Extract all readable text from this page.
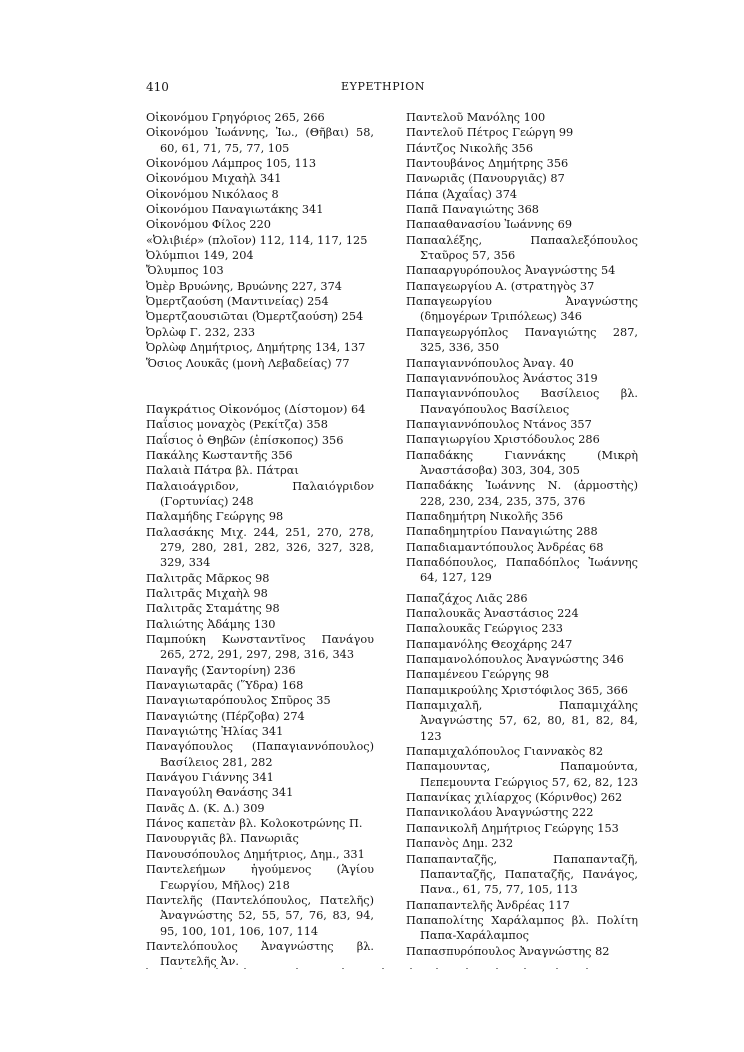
410	ΕΥΡΕΤΗΡΙΟΝ
Οἰκονόμου Γρηγόριος 265, 266
Οἰκονόμου Ἰωάννης, Ἰω., (Θῆβαι) 58, 60, 61, 71, 75, 77, 105
Οἰκονόμου Λάμπρος 105, 113
Οἰκονόμου Μιχαὴλ 341
Οἰκονόμου Νικόλαος 8
Οἰκονόμου Παναγιωτάκης 341
Οἰκονόμου Φίλος 220
«Ὀλιβιέρ» (πλοῖον) 112, 114, 117, 125
Ὀλύμπιοι 149, 204
Ὄλυμπος 103
Ὀμὲρ Βρυώνης, Βρυώνης 227, 374
Ὀμερτζαούση (Μαντινείας) 254
Ὀμερτζαουσιῶται (Ὀμερτζαούση) 254
Ὀρλὼφ Γ. 232, 233
Ὀρλὼφ Δημήτριος, Δημήτρης 134, 137
Ὅσιος Λουκᾶς (μονὴ Λεβαδείας) 77
Παγκράτιος Οἰκονόμος (Δίστομον) 64
Παΐσιος μοναχὸς (Ρεκίτζα) 358
Παΐσιος ὁ Θηβῶν (ἐπίσκοπος) 356
Πακάλης Κωσταντῆς 356
Παλαιὰ Πάτρα βλ. Πάτραι
Παλαιοάγριδον, Παλαιόγριδον (Γορτυνίας) 248
Παλαμήδης Γεώργης 98
Παλασάκης Μιχ. 244, 251, 270, 278, 279, 280, 281, 282, 326, 327, 328, 329, 334
Παλιτρᾶς Μᾶρκος 98
Παλιτρᾶς Μιχαὴλ 98
Παλιτρᾶς Σταμάτης 98
Παλιώτης Ἀδάμης 130
Παμπούκη Κωνσταντῖνος Πανάγου 265, 272, 291, 297, 298, 316, 343
Παναγῆς (Σαντορίνη) 236
Παναγιωταρᾶς (Ὕδρα) 168
Παναγιωταρόπουλος Σπῦρος 35
Παναγιώτης (Πέρζοβα) 274
Παναγιώτης Ἠλίας 341
Παναγόπουλος (Παπαγιαννόπουλος) Βασίλειος 281, 282
Πανάγου Γιάννης 341
Παναγούλη Θανάσης 341
Πανᾶς Δ. (Κ. Δ.) 309
Πάνος καπετὰν βλ. Κολοκοτρώνης Π.
Πανουργιᾶς βλ. Πανωριᾶς
Πανουσόπουλος Δημήτριος, Δημ., 331
Παντελεήμων ἡγούμενος (Ἁγίου Γεωργίου, Μῆλος) 218
Παντελῆς (Παντελόπουλος, Πατελῆς) Ἀναγνώστης 52, 55, 57, 76, 83, 94, 95, 100, 101, 106, 107, 114
Παντελόπουλος Ἀναγνώστης βλ. Παντελῆς Ἀν.
Παντελοῦ Μανόλης 100
Παντελοῦ Πέτρος Γεώργη 99
Πάντζος Νικολῆς 356
Παντουβάνος Δημήτρης 356
Πανωριᾶς (Πανουργιᾶς) 87
Πάπα (Ἀχαΐας) 374
Παπᾶ Παναγιώτης 368
Παπααθανασίου Ἰωάννης 69
Παπααλέξης, Παπααλεξόπουλος Σταῦρος 57, 356
Παπααργυρόπουλος Ἀναγνώστης 54
Παπαγεωργίου Α. (στρατηγὸς 37
Παπαγεωργίου Ἀναγνώστης (δημογέρων Τριπόλεως) 346
Παπαγεωργόπλος Παναγιώτης 287, 325, 336, 350
Παπαγιαννόπουλος Ἀναγ. 40
Παπαγιαννόπουλος Ἀνάστος 319
Παπαγιαννόπουλος Βασίλειος βλ. Παναγόπουλος Βασίλειος
Παπαγιαννόπουλος Ντάνος 357
Παπαγιωργίου Χριστόδουλος 286
Παπαδάκης Γιαννάκης (Μικρὴ Ἀναστάσοβα) 303, 304, 305
Παπαδάκης Ἰωάννης Ν. (ἁρμοστὴς) 228, 230, 234, 235, 375, 376
Παπαδημήτρη Νικολῆς 356
Παπαδημητρίου Παναγιώτης 288
Παπαδιαμαντόπουλος Ἀνδρέας 68
Παπαδόπουλος, Παπαδόπλος Ἰωάννης 64, 127, 129
Παπαζάχος Λιᾶς 286
Παπαλουκᾶς Ἀναστάσιος 224
Παπαλουκᾶς Γεώργιος 233
Παπαμανόλης Θεοχάρης 247
Παπαμανολόπουλος Ἀναγνώστης 346
Παπαμένεου Γεώργης 98
Παπαμικρούλης Χριστόφιλος 365, 366
Παπαμιχαλῆ, Παπαμιχάλης Ἀναγνώστης 57, 62, 80, 81, 82, 84, 123
Παπαμιχαλόπουλος Γιαννακὸς 82
Παπαμουντας, Παπαμούντα, Πεπεμουντα Γεώργιος 57, 62, 82, 123
Παπανίκας χιλίαρχος (Κόρινθος) 262
Παπανικολάου Ἀναγνώστης 222
Παπανικολῆ Δημήτριος Γεώργης 153
Παπανὸς Δημ. 232
Παπαπανταζῆς, Παπαπανταζῆ, Παπανταζῆς, Παπαταζῆς, Πανάγος, Πανα., 61, 75, 77, 105, 113
Παπαπαντελῆς Ἀνδρέας 117
Παπαπολίτης Χαράλαμπος βλ. Πολίτη Παπα-Χαράλαμπος
Παπασπυρόπουλος Ἀναγνώστης 82
